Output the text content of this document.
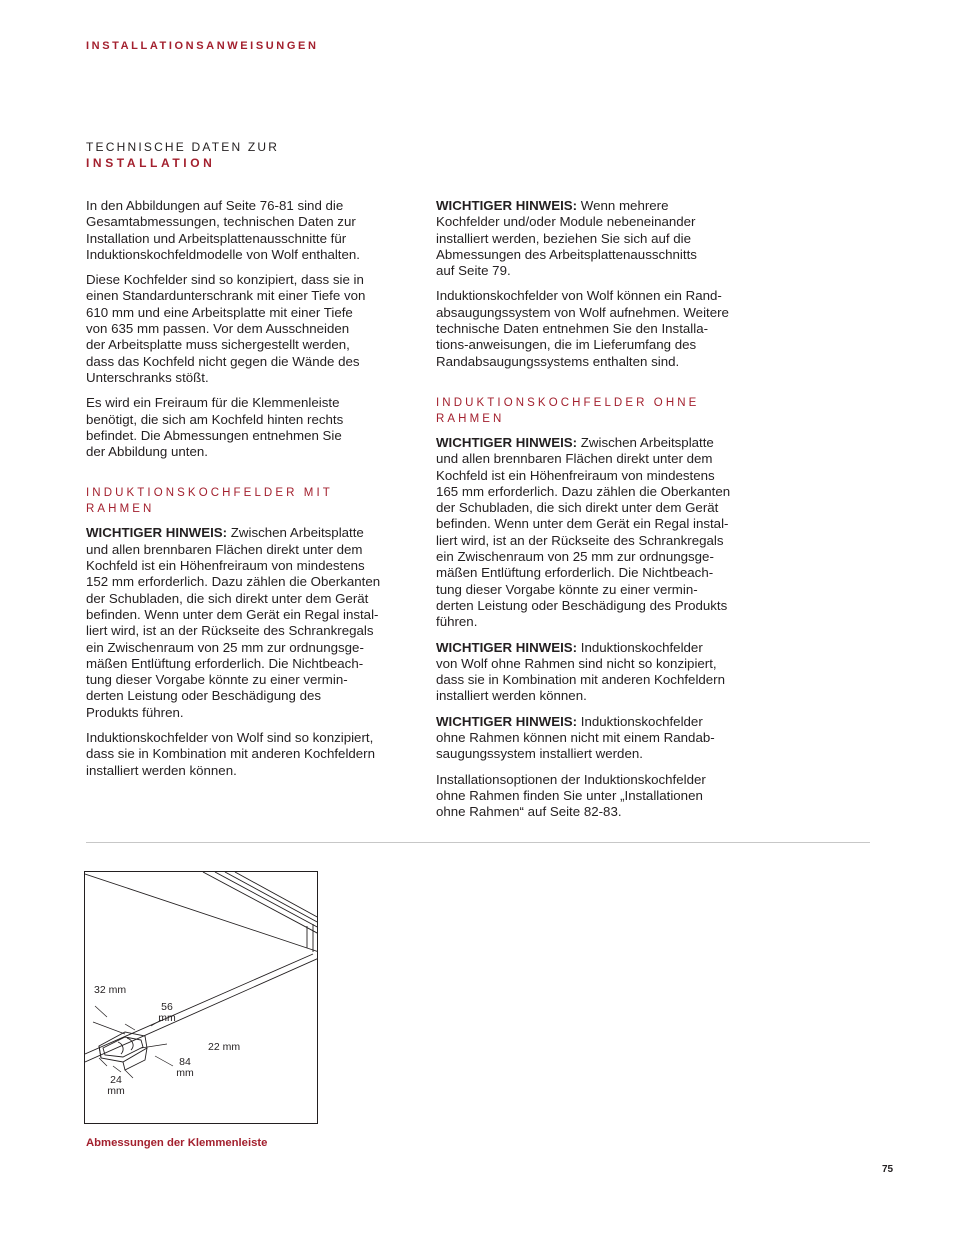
INSTALLATIONSANWEISUNGEN
TECHNISCHE DATEN ZUR
INSTALLATION

In den Abbildungen auf Seite 76-81 sind die
Gesamtabmessungen, technischen Daten zur
Installation und Arbeitsplattenausschnitte für
Induktionskochfeldmodelle von Wolf enthalten.

Diese Kochfelder sind so konzipiert, dass sie in
einen Standardunterschrank mit einer Tiefe von
610 mm und eine Arbeitsplatte mit einer Tiefe
von 635 mm passen. Vor dem Ausschneiden
der Arbeitsplatte muss sichergestellt werden,
dass das Kochfeld nicht gegen die Wände des
Unterschranks stößt.

Es wird ein Freiraum für die Klemmenleiste
benötigt, die sich am Kochfeld hinten rechts
befindet. Die Abmessungen entnehmen Sie
der Abbildung unten.

INDUKTIONSKOCHFELDER MIT
RAHMEN

WICHTIGER HINWEIS: Zwischen Arbeitsplatte
und allen brennbaren Flächen direkt unter dem
Kochfeld ist ein Höhenfreiraum von mindestens
152 mm erforderlich. Dazu zählen die Oberkanten
der Schubladen, die sich direkt unter dem Gerät
befinden. Wenn unter dem Gerät ein Regal instal-
liert wird, ist an der Rückseite des Schrankregals
ein Zwischenraum von 25 mm zur ordnungsge-
mäßen Entlüftung erforderlich. Die Nichtbeach-
tung dieser Vorgabe könnte zu einer vermin-
derten Leistung oder Beschädigung des
Produkts führen.

Induktionskochfelder von Wolf sind so konzipiert,
dass sie in Kombination mit anderen Kochfeldern
installiert werden können.

WICHTIGER HINWEIS: Wenn mehrere
Kochfelder und/oder Module nebeneinander
installiert werden, beziehen Sie sich auf die
Abmessungen des Arbeitsplattenausschnitts
auf Seite 79.

Induktionskochfelder von Wolf können ein Rand-
absaugungssystem von Wolf aufnehmen. Weitere
technische Daten entnehmen Sie den Installa-
tions-anweisungen, die im Lieferumfang des
Randabsaugungssystems enthalten sind.

INDUKTIONSKOCHFELDER OHNE
RAHMEN

WICHTIGER HINWEIS: Zwischen Arbeitsplatte
und allen brennbaren Flächen direkt unter dem
Kochfeld ist ein Höhenfreiraum von mindestens
165 mm erforderlich. Dazu zählen die Oberkanten
der Schubladen, die sich direkt unter dem Gerät
befinden. Wenn unter dem Gerät ein Regal instal-
liert wird, ist an der Rückseite des Schrankregals
ein Zwischenraum von 25 mm zur ordnungsge-
mäßen Entlüftung erforderlich. Die Nichtbeach-
tung dieser Vorgabe könnte zu einer vermin-
derten Leistung oder Beschädigung des Produkts
führen.

WICHTIGER HINWEIS: Induktionskochfelder
von Wolf ohne Rahmen sind nicht so konzipiert,
dass sie in Kombination mit anderen Kochfeldern
installiert werden können.

WICHTIGER HINWEIS: Induktionskochfelder
ohne Rahmen können nicht mit einem Randab-
saugungssystem installiert werden.

Installationsoptionen der Induktionskochfelder
ohne Rahmen finden Sie unter „Installationen
ohne Rahmen“ auf Seite 82-83.

32 mm
56
mm
22 mm
84
mm
24
mm
Abmessungen der Klemmenleiste
75
